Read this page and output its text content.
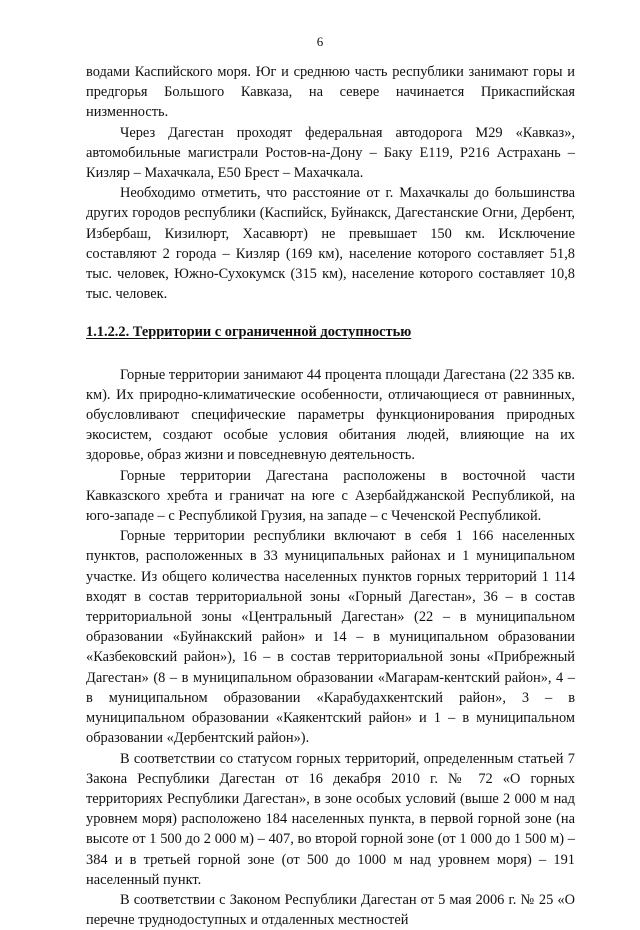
6

водами Каспийского моря. Юг и среднюю часть республики занимают горы и предгорья Большого Кавказа, на севере начинается Прикаспийская низменность.

Через Дагестан проходят федеральная автодорога М29 «Кавказ», автомобильные магистрали Ростов-на-Дону – Баку Е119, Р216 Астрахань – Кизляр – Махачкала, Е50 Брест – Махачкала.

Необходимо отметить, что расстояние от г. Махачкалы до большинства других городов республики (Каспийск, Буйнакск, Дагестанские Огни, Дербент, Избербаш, Кизилюрт, Хасавюрт) не превышает 150 км. Исключение составляют 2 города – Кизляр (169 км), население которого составляет 51,8 тыс. человек, Южно-Сухокумск (315 км), население которого составляет 10,8 тыс. человек.

1.1.2.2. Территории с ограниченной доступностью

Горные территории занимают 44 процента площади Дагестана (22 335 кв. км). Их природно-климатические особенности, отличающиеся от равнинных, обусловливают специфические параметры функционирования природных экосистем, создают особые условия обитания людей, влияющие на их здоровье, образ жизни и повседневную деятельность.

Горные территории Дагестана расположены в восточной части Кавказского хребта и граничат на юге с Азербайджанской Республикой, на юго-западе – с Республикой Грузия, на западе – с Чеченской Республикой.

Горные территории республики включают в себя 1 166 населенных пунктов, расположенных в 33 муниципальных районах и 1 муниципальном участке. Из общего количества населенных пунктов горных территорий 1 114 входят в состав территориальной зоны «Горный Дагестан», 36 – в состав территориальной зоны «Центральный Дагестан» (22 – в муниципальном образовании «Буйнакский район» и 14 – в муниципальном образовании «Казбековский район»), 16 – в состав территориальной зоны «Прибрежный Дагестан» (8 – в муниципальном образовании «Магарам-кентский район», 4 – в муниципальном образовании «Карабудахкентский район», 3 – в муниципальном образовании «Каякентский район» и 1 – в муниципальном образовании «Дербентский район»).

В соответствии со статусом горных территорий, определенным статьей 7 Закона Республики Дагестан от 16 декабря 2010 г. № 72 «О горных территориях Республики Дагестан», в зоне особых условий (выше 2 000 м над уровнем моря) расположено 184 населенных пункта, в первой горной зоне (на высоте от 1 500 до 2 000 м) – 407, во второй горной зоне (от 1 000 до 1 500 м) – 384 и в третьей горной зоне (от 500 до 1000 м над уровнем моря) – 191 населенный пункт.

В соответствии с Законом Республики Дагестан от 5 мая 2006 г. № 25 «О перечне труднодоступных и отдаленных местностей
